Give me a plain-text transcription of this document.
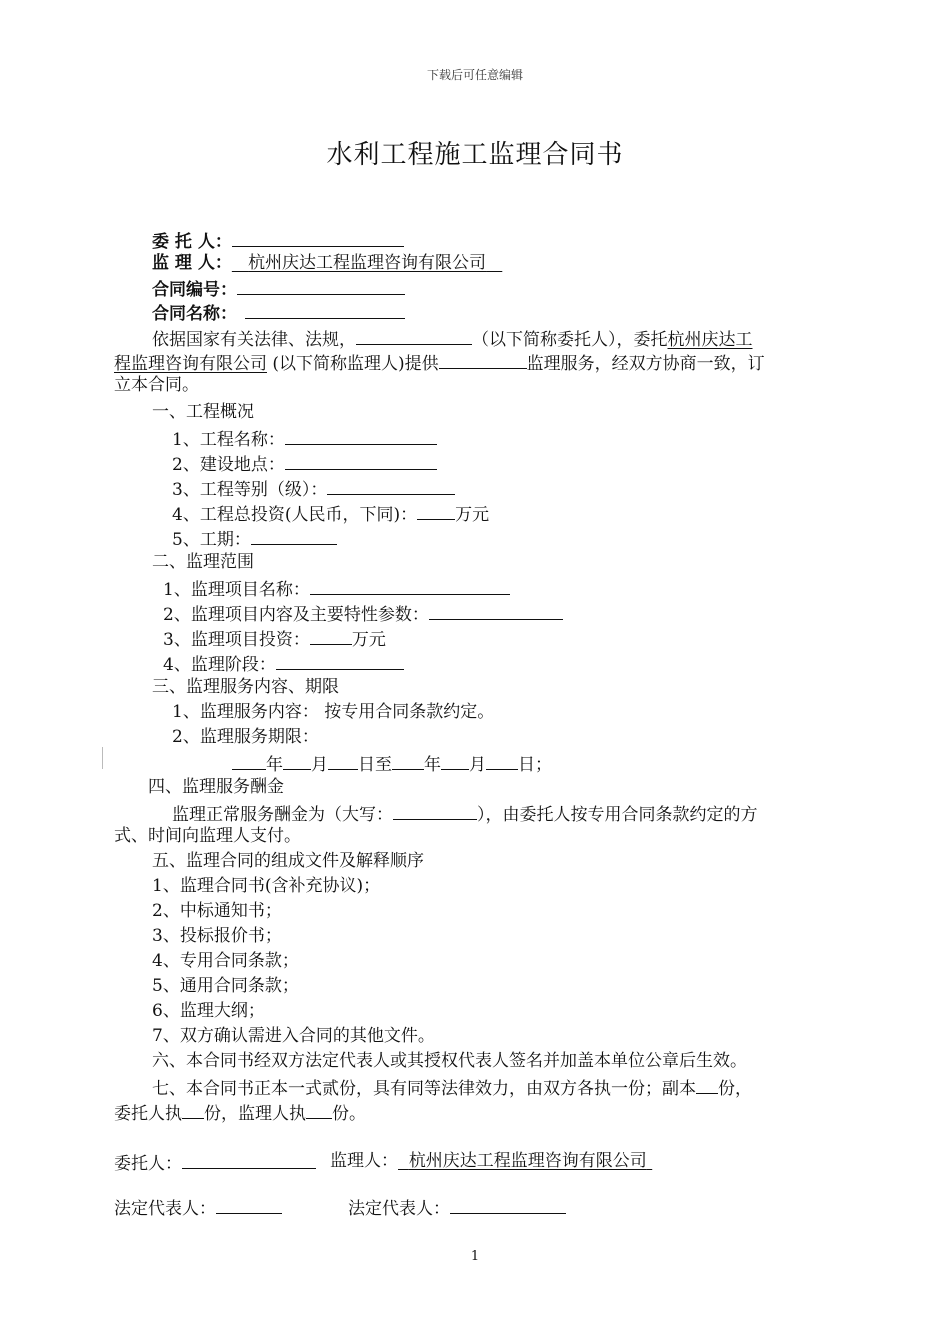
下载后可任意编辑
水利工程施工监理合同书
委 托 人：
监 理 人： 杭州庆达工程监理咨询有限公司
合同编号：
合同名称：
依据国家有关法律、法规，	（以下简称委托人），委托杭州庆达工
程监理咨询有限公司 (以下简称监理人)提供	监理服务，经双方协商一致，订
立本合同。
一、工程概况
1、工程名称：
2、建设地点：
3、工程等别（级）：
4、工程总投资(人民币，下同)： 万元
5、工期：
二、监理范围
1、监理项目名称：
2、监理项目内容及主要特性参数：
3、监理项目投资： 万元
4、监理阶段：
三、监理服务内容、期限
1、监理服务内容： 按专用合同条款约定。
2、监理服务期限：
年 月 日至 年 月 日；
四、监理服务酬金
监理正常服务酬金为（大写：	），由委托人按专用合同条款约定的方
式、时间向监理人支付。
五、监理合同的组成文件及解释顺序
1、监理合同书(含补充协议)；
2、中标通知书；
3、投标报价书；
4、专用合同条款；
5、通用合同条款；
6、监理大纲；
7、双方确认需进入合同的其他文件。
六、本合同书经双方法定代表人或其授权代表人签名并加盖本单位公章后生效。
七、本合同书正本一式贰份，具有同等法律效力，由双方各执一份；副本 份，
委托人执 份，监理人执 份。
委托人：	监理人： 杭州庆达工程监理咨询有限公司
法定代表人：	法定代表人：
1
